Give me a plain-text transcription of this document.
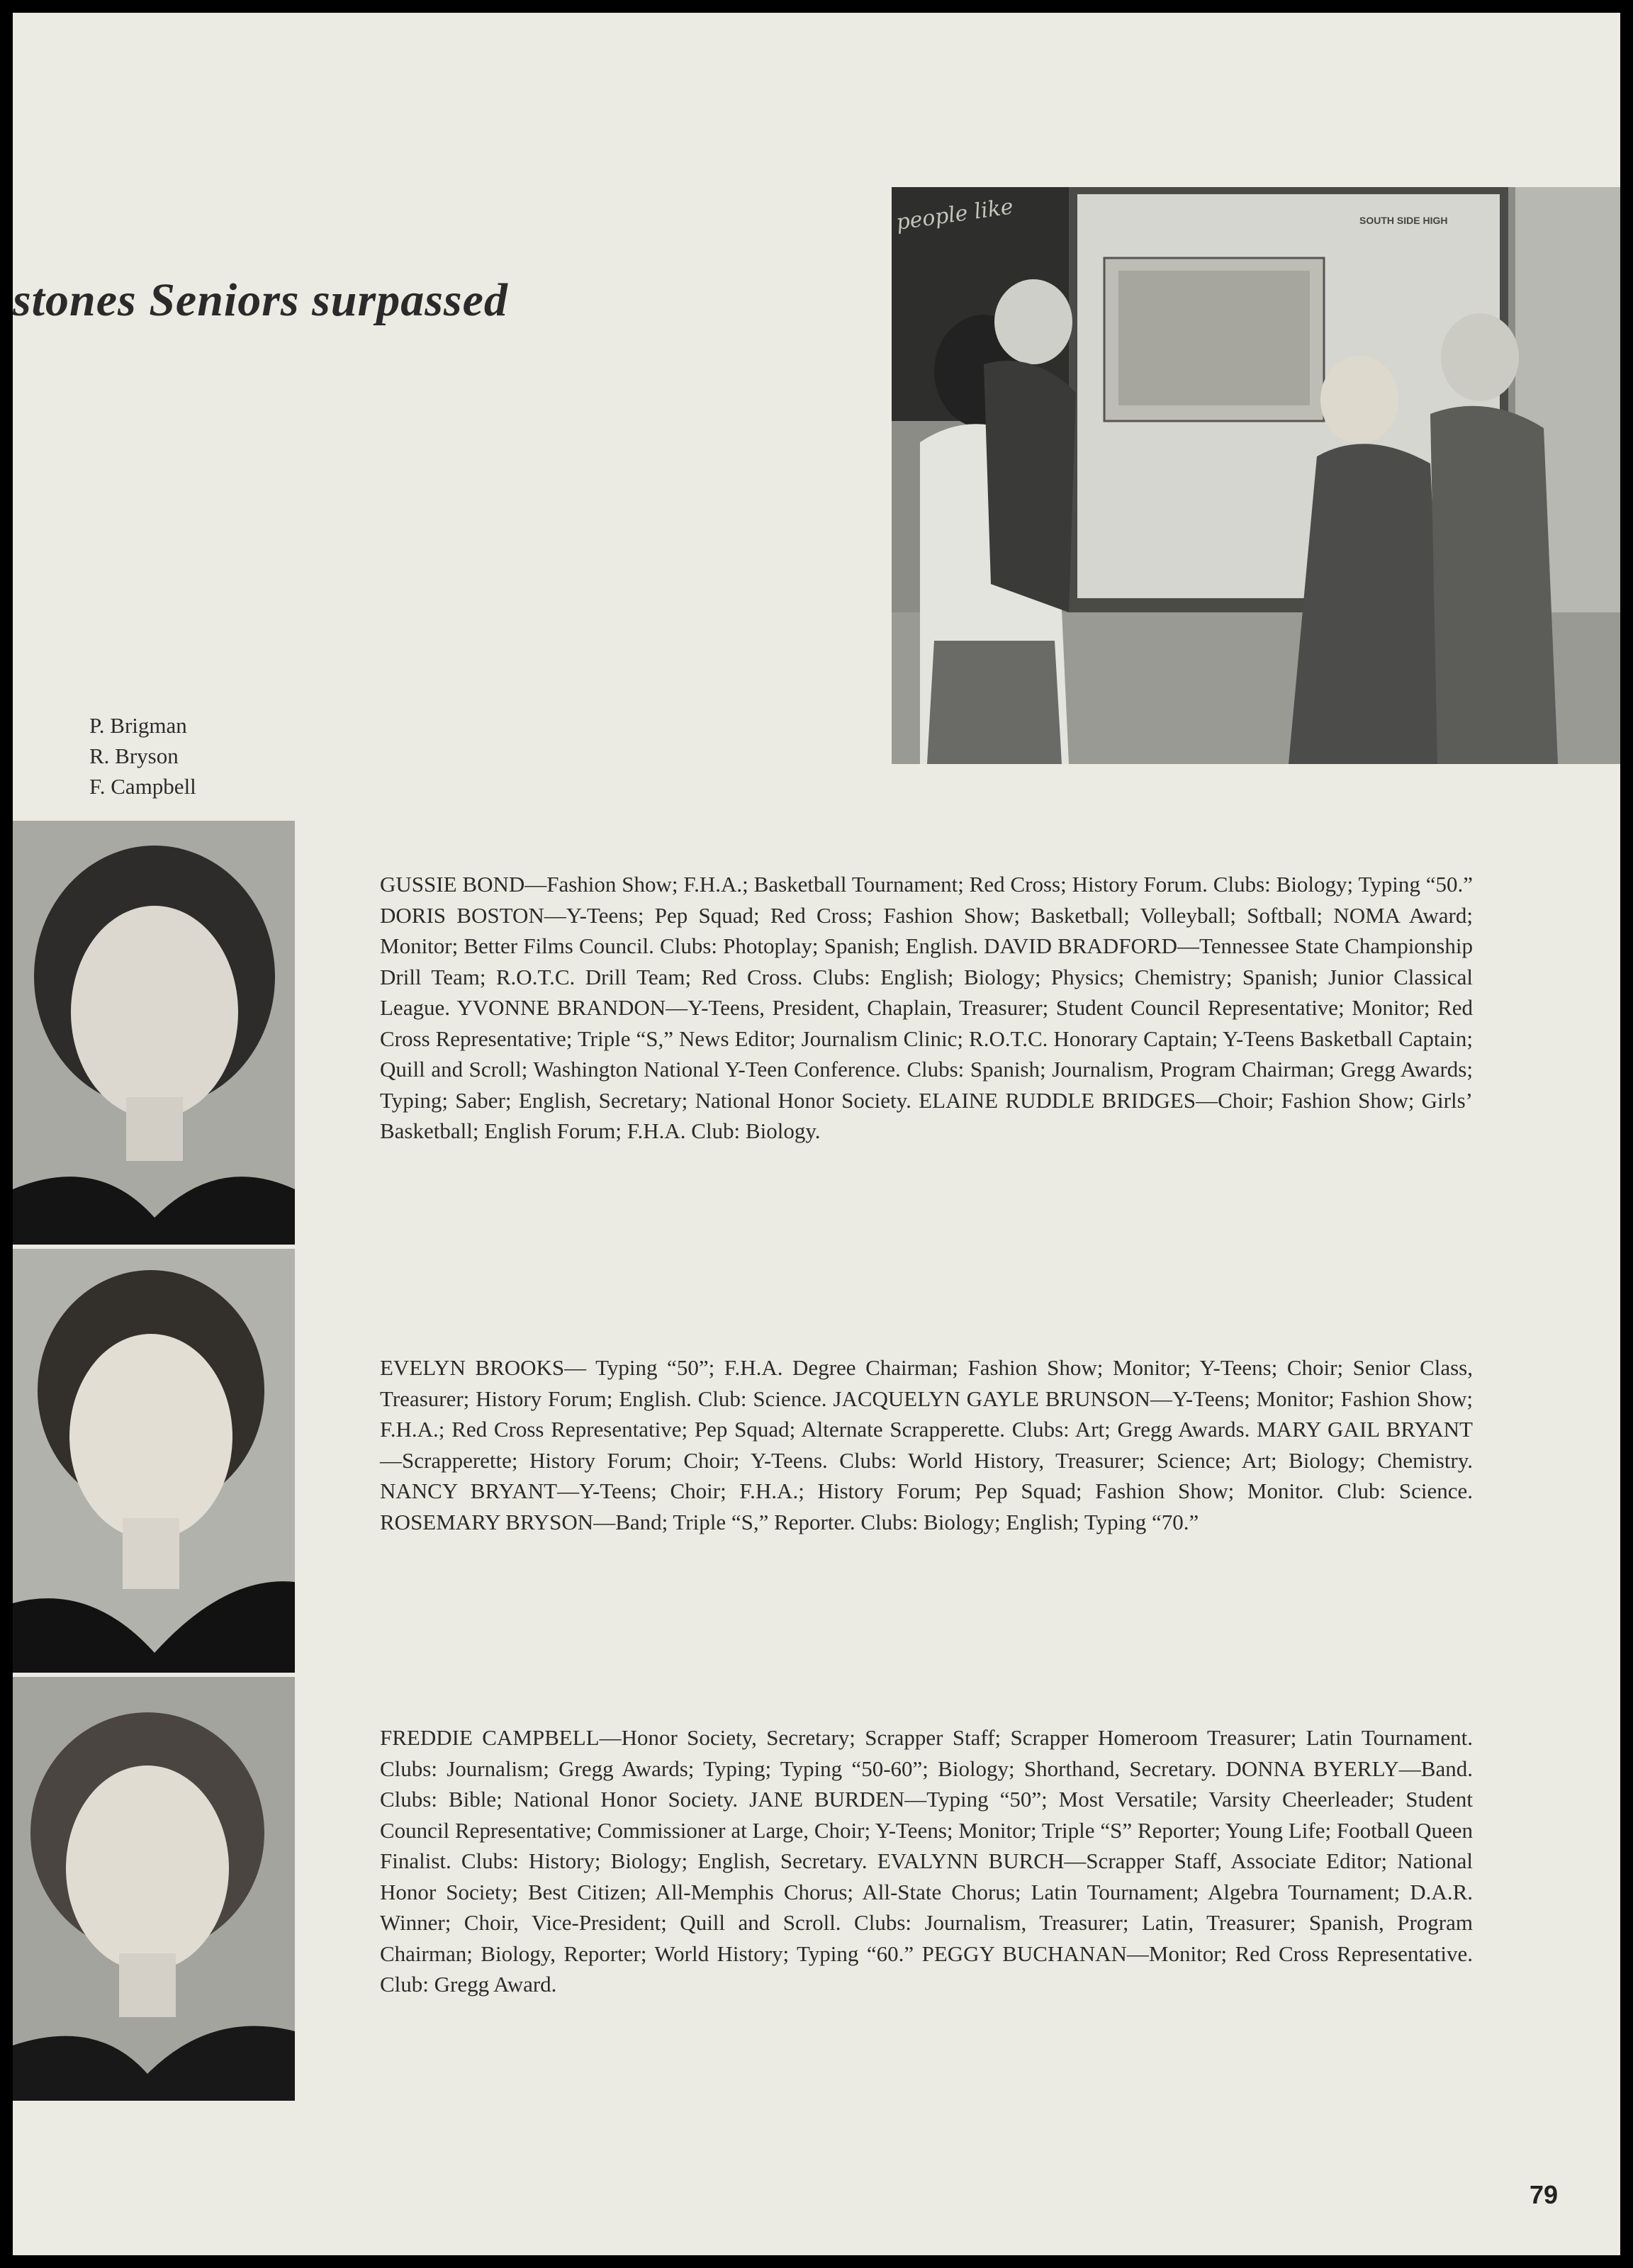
stones Seniors surpassed
SOUTH SIDE HIGH
people like
P. Brigman
R. Bryson
F. Campbell
GUSSIE BOND—Fashion Show; F.H.A.; Basketball Tournament; Red Cross; History Forum. Clubs: Biology; Typing “50.” DORIS BOSTON—Y-Teens; Pep Squad; Red Cross; Fashion Show; Basketball; Volleyball; Softball; NOMA Award; Monitor; Better Films Council. Clubs: Photoplay; Spanish; English. DAVID BRADFORD—Tennessee State Championship Drill Team; R.O.T.C. Drill Team; Red Cross. Clubs: English; Biology; Physics; Chemistry; Spanish; Junior Classical League. YVONNE BRANDON—Y-Teens, President, Chaplain, Treasurer; Student Council Representative; Monitor; Red Cross Representative; Triple “S,” News Editor; Journalism Clinic; R.O.T.C. Honorary Captain; Y-Teens Basketball Captain; Quill and Scroll; Washington National Y-Teen Conference. Clubs: Spanish; Journalism, Program Chairman; Gregg Awards; Typing; Saber; English, Secretary; National Honor Society. ELAINE RUDDLE BRIDGES—Choir; Fashion Show; Girls’ Basketball; English Forum; F.H.A. Club: Biology.
EVELYN BROOKS— Typing “50”; F.H.A. Degree Chairman; Fashion Show; Monitor; Y-Teens; Choir; Senior Class, Treasurer; History Forum; English. Club: Science. JACQUELYN GAYLE BRUNSON—Y-Teens; Monitor; Fashion Show; F.H.A.; Red Cross Representative; Pep Squad; Alternate Scrapperette. Clubs: Art; Gregg Awards. MARY GAIL BRYANT—Scrapperette; History Forum; Choir; Y-Teens. Clubs: World History, Treasurer; Science; Art; Biology; Chemistry. NANCY BRYANT—Y-Teens; Choir; F.H.A.; History Forum; Pep Squad; Fashion Show; Monitor. Club: Science. ROSEMARY BRYSON—Band; Triple “S,” Reporter. Clubs: Biology; English; Typing “70.”
FREDDIE CAMPBELL—Honor Society, Secretary; Scrapper Staff; Scrapper Homeroom Treasurer; Latin Tournament. Clubs: Journalism; Gregg Awards; Typing; Typing “50-60”; Biology; Shorthand, Secretary. DONNA BYERLY—Band. Clubs: Bible; National Honor Society. JANE BURDEN—Typing “50”; Most Versatile; Varsity Cheerleader; Student Council Representative; Commissioner at Large, Choir; Y-Teens; Monitor; Triple “S” Reporter; Young Life; Football Queen Finalist. Clubs: History; Biology; English, Secretary. EVALYNN BURCH—Scrapper Staff, Associate Editor; National Honor Society; Best Citizen; All-Memphis Chorus; All-State Chorus; Latin Tournament; Algebra Tournament; D.A.R. Winner; Choir, Vice-President; Quill and Scroll. Clubs: Journalism, Treasurer; Latin, Treasurer; Spanish, Program Chairman; Biology, Reporter; World History; Typing “60.” PEGGY BUCHANAN—Monitor; Red Cross Representative. Club: Gregg Award.
79
